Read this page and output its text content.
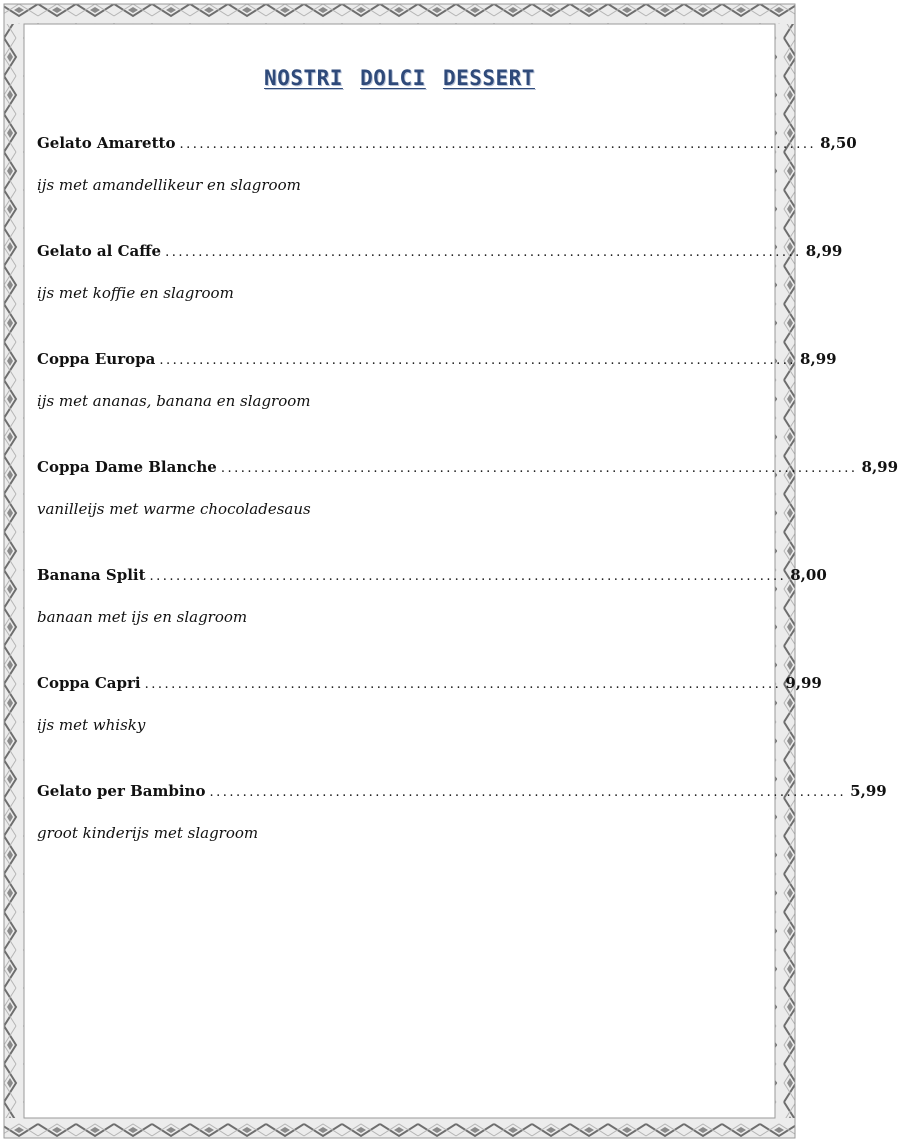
NOSTRI DOLCI DESSERT
Gelato Amaretto ................................................................................................ 8,50
ijs met amandellikeur en slagroom
Gelato al Caffe ................................................................................................ 8,99
ijs met koffie en slagroom
Coppa Europa ................................................................................................ 8,99
ijs met ananas, banana en slagroom
Coppa Dame Blanche ................................................................................................ 8,99
vanilleijs met warme chocoladesaus
Banana Split ................................................................................................ 8,00
banaan met ijs en slagroom
Coppa Capri ................................................................................................ 9,99
ijs met whisky
Gelato per Bambino ................................................................................................ 5,99
groot kinderijs met slagroom
